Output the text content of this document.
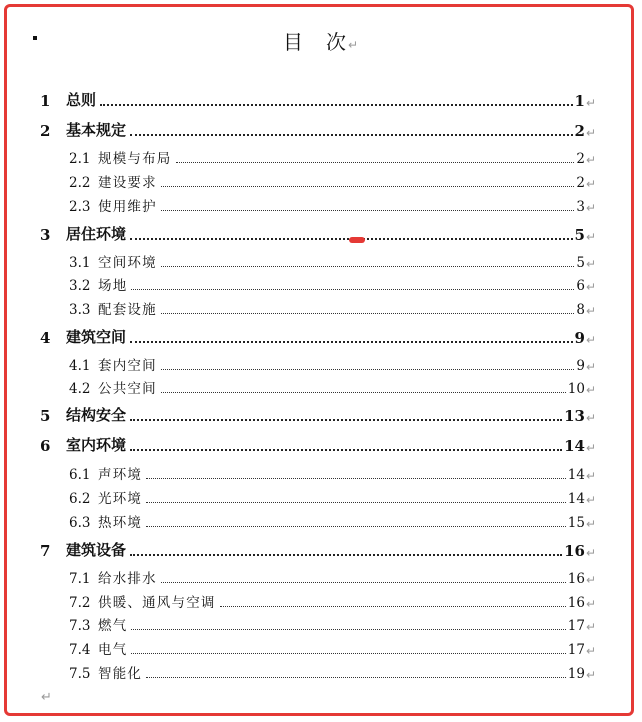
目 次↵
1	总则	1 ↵
2	基本规定	2 ↵
2.1 规模与布局	2 ↵
2.2 建设要求	2 ↵
2.3 使用维护	3 ↵
3	居住环境	5 ↵
3.1 空间环境	5 ↵
3.2 场地	6 ↵
3.3 配套设施	8 ↵
4	建筑空间	9 ↵
4.1 套内空间	9 ↵
4.2 公共空间	10 ↵
5	结构安全	13 ↵
6	室内环境	14 ↵
6.1 声环境	14 ↵
6.2 光环境	14 ↵
6.3 热环境	15 ↵
7	建筑设备	16 ↵
7.1 给水排水	16 ↵
7.2 供暖、通风与空调	16 ↵
7.3 燃气	17 ↵
7.4 电气	17 ↵
7.5 智能化	19 ↵
↵
